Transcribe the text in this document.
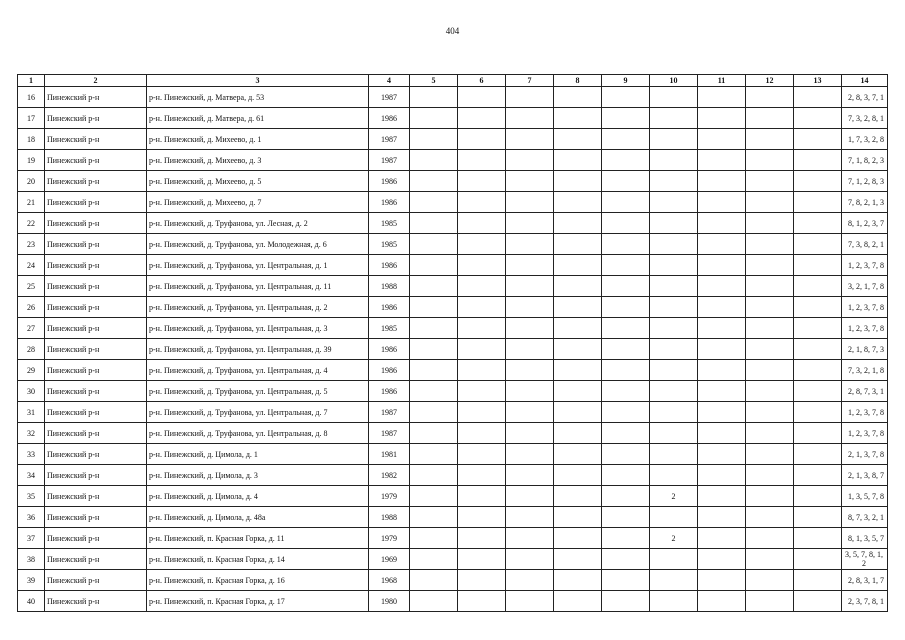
404
1	2	3	4	5	6	7	8	9	10	11	12	13	14
16	Пинежский р-н	р-н. Пинежский, д. Матвера, д. 53	1987										2, 8, 3, 7, 1
17	Пинежский р-н	р-н. Пинежский, д. Матвера, д. 61	1986										7, 3, 2, 8, 1
18	Пинежский р-н	р-н. Пинежский, д. Михеево, д. 1	1987										1, 7, 3, 2, 8
19	Пинежский р-н	р-н. Пинежский, д. Михеево, д. 3	1987										7, 1, 8, 2, 3
20	Пинежский р-н	р-н. Пинежский, д. Михеево, д. 5	1986										7, 1, 2, 8, 3
21	Пинежский р-н	р-н. Пинежский, д. Михеево, д. 7	1986										7, 8, 2, 1, 3
22	Пинежский р-н	р-н. Пинежский, д. Труфанова, ул. Лесная, д. 2	1985										8, 1, 2, 3, 7
23	Пинежский р-н	р-н. Пинежский, д. Труфанова, ул. Молодежная, д. 6	1985										7, 3, 8, 2, 1
24	Пинежский р-н	р-н. Пинежский, д. Труфанова, ул. Центральная, д. 1	1986										1, 2, 3, 7, 8
25	Пинежский р-н	р-н. Пинежский, д. Труфанова, ул. Центральная, д. 11	1988										3, 2, 1, 7, 8
26	Пинежский р-н	р-н. Пинежский, д. Труфанова, ул. Центральная, д. 2	1986										1, 2, 3, 7, 8
27	Пинежский р-н	р-н. Пинежский, д. Труфанова, ул. Центральная, д. 3	1985										1, 2, 3, 7, 8
28	Пинежский р-н	р-н. Пинежский, д. Труфанова, ул. Центральная, д. 39	1986										2, 1, 8, 7, 3
29	Пинежский р-н	р-н. Пинежский, д. Труфанова, ул. Центральная, д. 4	1986										7, 3, 2, 1, 8
30	Пинежский р-н	р-н. Пинежский, д. Труфанова, ул. Центральная, д. 5	1986										2, 8, 7, 3, 1
31	Пинежский р-н	р-н. Пинежский, д. Труфанова, ул. Центральная, д. 7	1987										1, 2, 3, 7, 8
32	Пинежский р-н	р-н. Пинежский, д. Труфанова, ул. Центральная, д. 8	1987										1, 2, 3, 7, 8
33	Пинежский р-н	р-н. Пинежский, д. Цимола, д. 1	1981										2, 1, 3, 7, 8
34	Пинежский р-н	р-н. Пинежский, д. Цимола, д. 3	1982										2, 1, 3, 8, 7
35	Пинежский р-н	р-н. Пинежский, д. Цимола, д. 4	1979						2				1, 3, 5, 7, 8
36	Пинежский р-н	р-н. Пинежский, д. Цимола, д. 48а	1988										8, 7, 3, 2, 1
37	Пинежский р-н	р-н. Пинежский, п. Красная Горка, д. 11	1979						2				8, 1, 3, 5, 7
38	Пинежский р-н	р-н. Пинежский, п. Красная Горка, д. 14	1969										3, 5, 7, 8, 1, 2
39	Пинежский р-н	р-н. Пинежский, п. Красная Горка, д. 16	1968										2, 8, 3, 1, 7
40	Пинежский р-н	р-н. Пинежский, п. Красная Горка, д. 17	1980										2, 3, 7, 8, 1
